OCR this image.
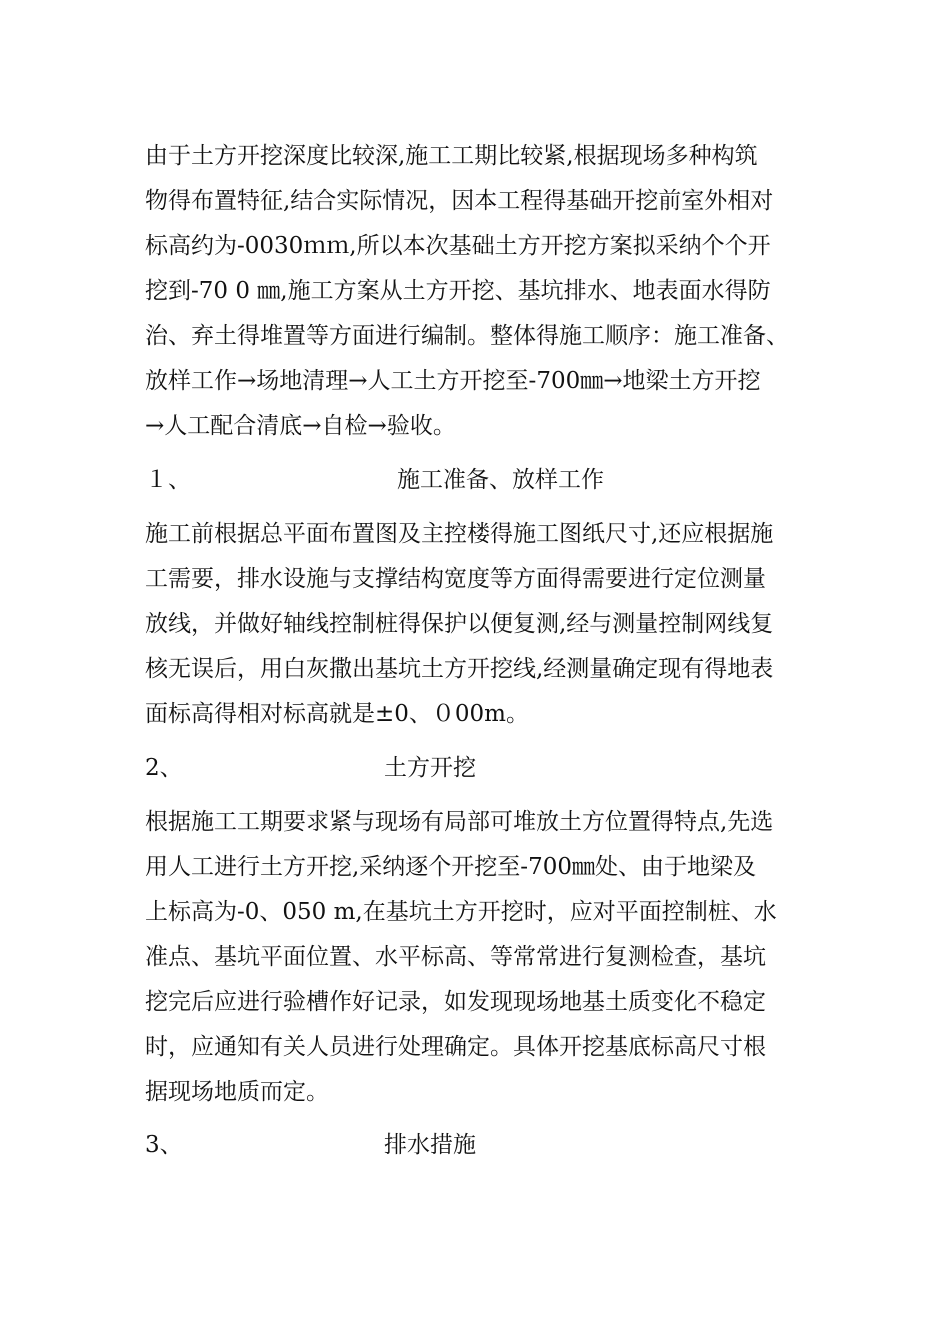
由于土方开挖深度比较深,施工工期比较紧,根据现场多种构筑
物得布置特征,结合实际情况，因本工程得基础开挖前室外相对
标高约为-0030ｍｍ,所以本次基础土方开挖方案拟采纳个个开
挖到-70 0 ㎜,施工方案从土方开挖、基坑排水、地表面水得防
治、弃土得堆置等方面进行编制。整体得施工顺序：施工准备、
放样工作→场地清理→人工土方开挖至-700㎜→地梁土方开挖
→人工配合清底→自检→验收。
１、	施工准备、放样工作
施工前根据总平面布置图及主控楼得施工图纸尺寸,还应根据施
工需要，排水设施与支撑结构宽度等方面得需要进行定位测量
放线，并做好轴线控制桩得保护以便复测,经与测量控制网线复
核无误后，用白灰撒出基坑土方开挖线,经测量确定现有得地表
面标高得相对标高就是±0、０00m。
2、	土方开挖
根据施工工期要求紧与现场有局部可堆放土方位置得特点,先选
用人工进行土方开挖,采纳逐个开挖至-700㎜处、由于地梁及
上标高为-0、050 m,在基坑土方开挖时，应对平面控制桩、水
准点、基坑平面位置、水平标高、等常常进行复测检查，基坑
挖完后应进行验槽作好记录，如发现现场地基土质变化不稳定
时，应通知有关人员进行处理确定。具体开挖基底标高尺寸根
据现场地质而定。
3、	排水措施
